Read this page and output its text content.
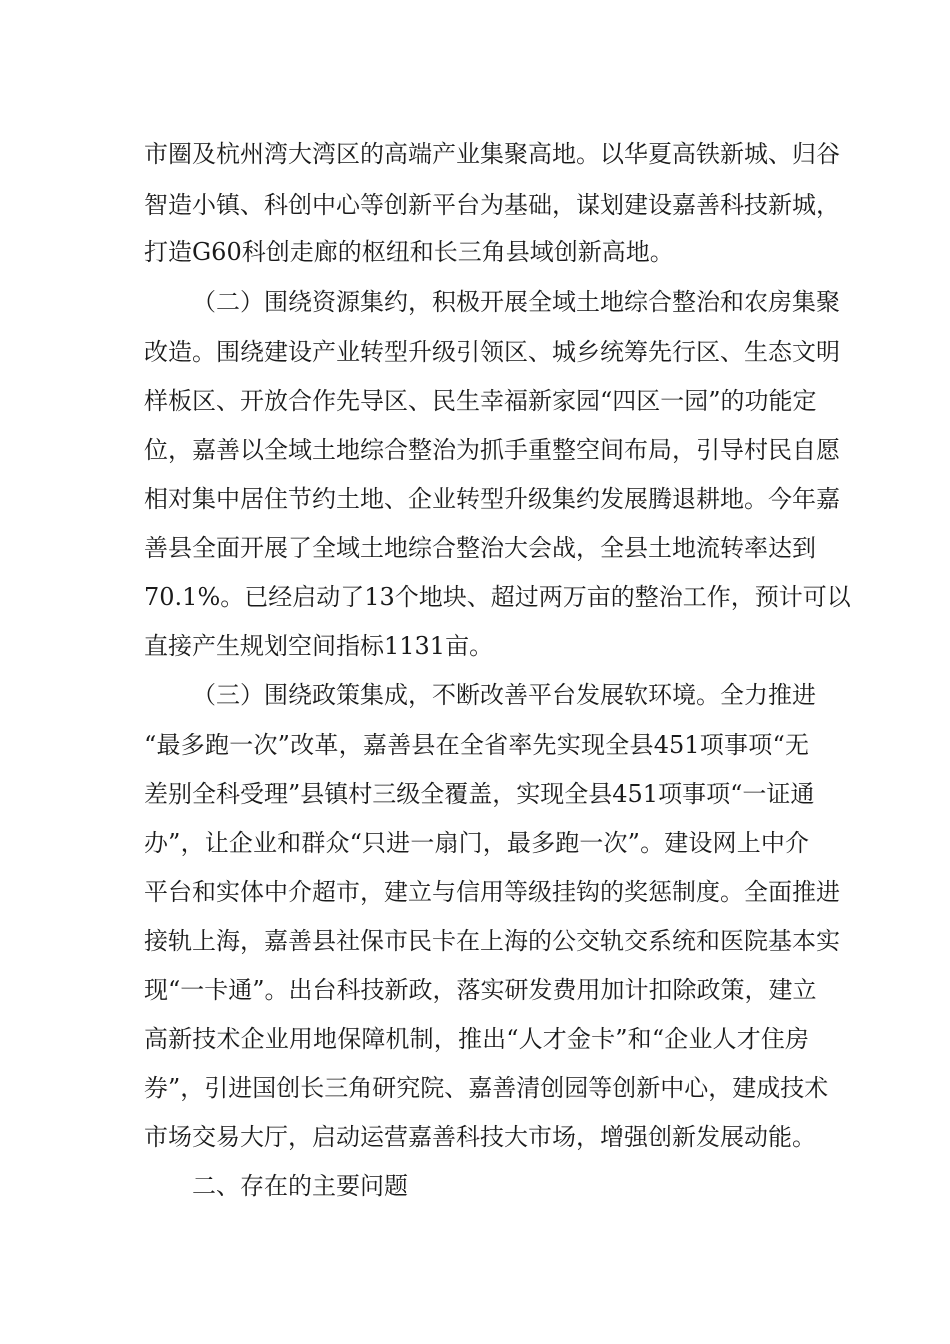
市圈及杭州湾大湾区的高端产业集聚高地。以华夏高铁新城、归谷
智造小镇、科创中心等创新平台为基础，谋划建设嘉善科技新城，
打造G60科创走廊的枢纽和长三角县域创新高地。
（二）围绕资源集约，积极开展全域土地综合整治和农房集聚
改造。围绕建设产业转型升级引领区、城乡统筹先行区、生态文明
样板区、开放合作先导区、民生幸福新家园“四区一园”的功能定
位，嘉善以全域土地综合整治为抓手重整空间布局，引导村民自愿
相对集中居住节约土地、企业转型升级集约发展腾退耕地。今年嘉
善县全面开展了全域土地综合整治大会战，全县土地流转率达到
70.1%。已经启动了13个地块、超过两万亩的整治工作，预计可以
直接产生规划空间指标1131亩。
（三）围绕政策集成，不断改善平台发展软环境。全力推进
“最多跑一次”改革，嘉善县在全省率先实现全县451项事项“无
差别全科受理”县镇村三级全覆盖，实现全县451项事项“一证通
办”，让企业和群众“只进一扇门，最多跑一次”。建设网上中介
平台和实体中介超市，建立与信用等级挂钩的奖惩制度。全面推进
接轨上海，嘉善县社保市民卡在上海的公交轨交系统和医院基本实
现“一卡通”。出台科技新政，落实研发费用加计扣除政策，建立
高新技术企业用地保障机制，推出“人才金卡”和“企业人才住房
券”，引进国创长三角研究院、嘉善清创园等创新中心，建成技术
市场交易大厅，启动运营嘉善科技大市场，增强创新发展动能。
二、存在的主要问题
